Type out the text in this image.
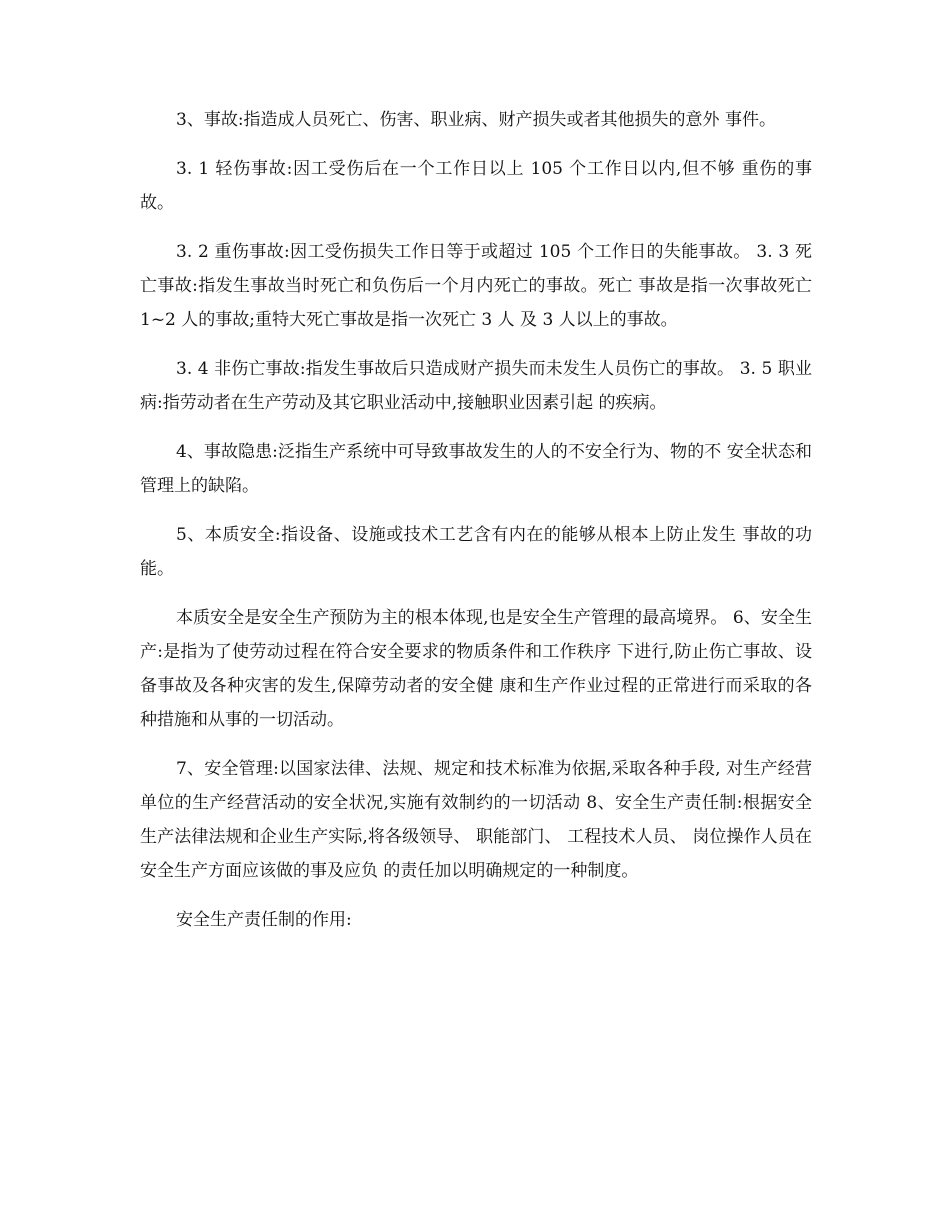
3、事故:指造成人员死亡、伤害、职业病、财产损失或者其他损失的意外 事件。

3. 1 轻伤事故:因工受伤后在一个工作日以上 105 个工作日以内,但不够 重伤的事故。

3. 2 重伤事故:因工受伤损失工作日等于或超过 105 个工作日的失能事故。 3. 3 死亡事故:指发生事故当时死亡和负伤后一个月内死亡的事故。死亡 事故是指一次事故死亡 1~2 人的事故;重特大死亡事故是指一次死亡 3 人 及 3 人以上的事故。

3. 4 非伤亡事故:指发生事故后只造成财产损失而未发生人员伤亡的事故。 3. 5 职业病:指劳动者在生产劳动及其它职业活动中,接触职业因素引起 的疾病。

4、事故隐患:泛指生产系统中可导致事故发生的人的不安全行为、物的不 安全状态和管理上的缺陷。

5、本质安全:指设备、设施或技术工艺含有内在的能够从根本上防止发生 事故的功能。

本质安全是安全生产预防为主的根本体现,也是安全生产管理的最高境界。 6、安全生产:是指为了使劳动过程在符合安全要求的物质条件和工作秩序 下进行,防止伤亡事故、设备事故及各种灾害的发生,保障劳动者的安全健 康和生产作业过程的正常进行而采取的各种措施和从事的一切活动。

7、安全管理:以国家法律、法规、规定和技术标准为依据,采取各种手段, 对生产经营单位的生产经营活动的安全状况,实施有效制约的一切活动 8、安全生产责任制:根据安全生产法律法规和企业生产实际,将各级领导、 职能部门、 工程技术人员、 岗位操作人员在安全生产方面应该做的事及应负 的责任加以明确规定的一种制度。

安全生产责任制的作用:
